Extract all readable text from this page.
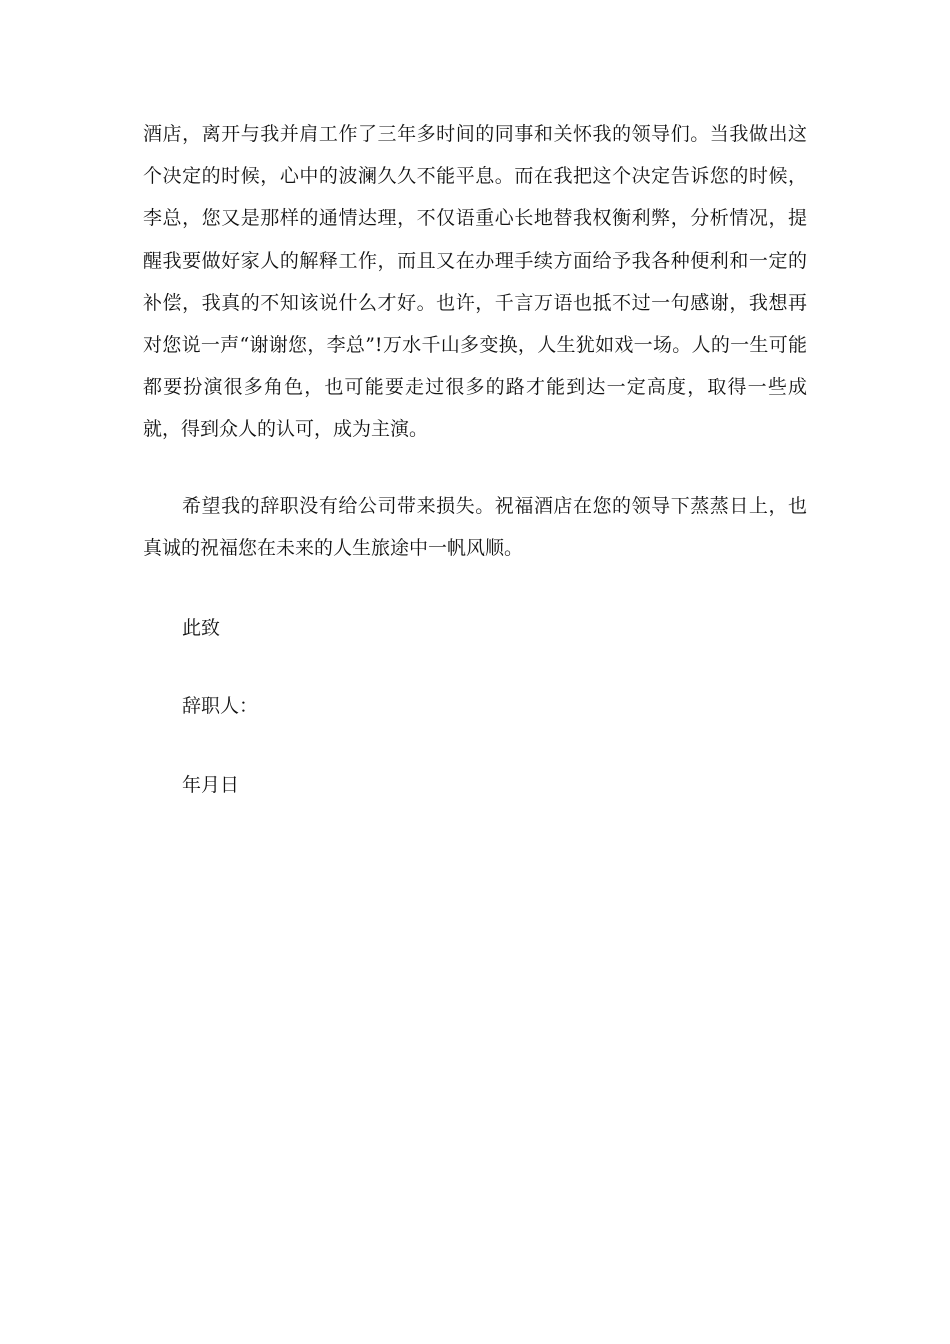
酒店，离开与我并肩工作了三年多时间的同事和关怀我的领导们。当我做出这个决定的时候，心中的波澜久久不能平息。而在我把这个决定告诉您的时候，李总，您又是那样的通情达理，不仅语重心长地替我权衡利弊，分析情况，提醒我要做好家人的解释工作，而且又在办理手续方面给予我各种便利和一定的补偿，我真的不知该说什么才好。也许，千言万语也抵不过一句感谢，我想再对您说一声“谢谢您，李总”!万水千山多变换，人生犹如戏一场。人的一生可能都要扮演很多角色，也可能要走过很多的路才能到达一定高度，取得一些成就，得到众人的认可，成为主演。

希望我的辞职没有给公司带来损失。祝福酒店在您的领导下蒸蒸日上，也真诚的祝福您在未来的人生旅途中一帆风顺。

此致

辞职人：

年月日
